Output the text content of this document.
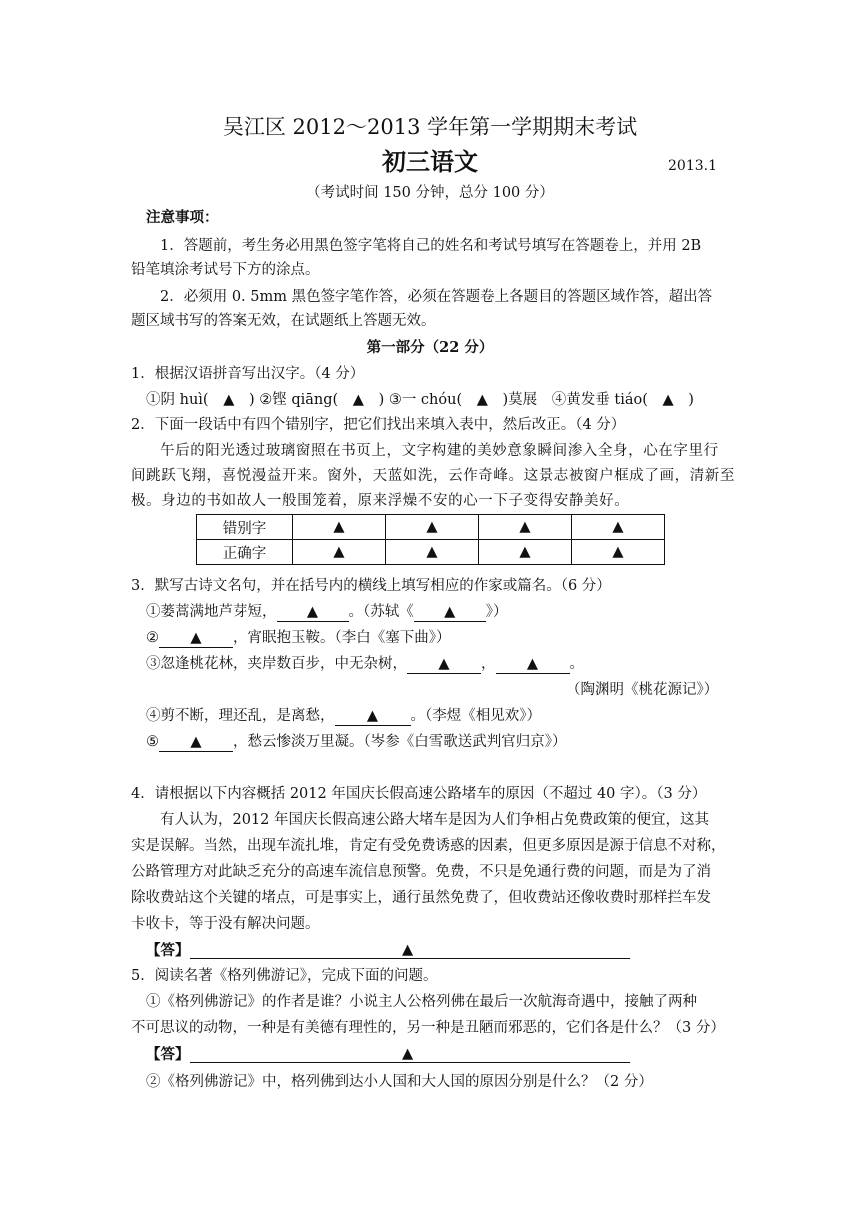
吴江区 2012～2013 学年第一学期期末考试
初三语文	2013.1
（考试时间 150 分钟，总分 100 分）
注意事项：
1．答题前，考生务必用黑色签字笔将自己的姓名和考试号填写在答题卷上，并用 2B
铅笔填涂考试号下方的涂点。
2．必须用 0. 5mm 黑色签字笔作答，必须在答题卷上各题目的答题区域作答，超出答
题区域书写的答案无效，在试题纸上答题无效。
第一部分（22 分）
1．根据汉语拼音写出汉字。（4 分）
①阴 huì( ▲ ) ②铿 qiāng( ▲ ) ③一 chóu( ▲ )莫展 ④黄发垂 tiáo( ▲ )
2．下面一段话中有四个错别字，把它们找出来填入表中，然后改正。（4 分）
午后的阳光透过玻璃窗照在书页上，文字构建的美妙意象瞬间渗入全身，心在字里行
间跳跃飞翔，喜悦漫益开来。窗外，天蓝如洗，云作奇峰。这景志被窗户框成了画，清新至
极。身边的书如故人一般围笼着，原来浮燥不安的心一下子变得安静美好。
错别字	▲	▲	▲	▲
正确字	▲	▲	▲	▲
3．默写古诗文名句，并在括号内的横线上填写相应的作家或篇名。（6 分）
①蒌蒿满地芦芽短， ▲ 。（苏轼《 ▲ 》）
② ▲ ，宵眠抱玉鞍。（李白《塞下曲》）
③忽逢桃花林，夹岸数百步，中无杂树， ▲ ， ▲ 。
（陶渊明《桃花源记》）
④剪不断，理还乱，是离愁， ▲ 。（李煜《相见欢》）
⑤ ▲ ，愁云惨淡万里凝。（岑参《白雪歌送武判官归京》）
4．请根据以下内容概括 2012 年国庆长假高速公路堵车的原因（不超过 40 字）。（3 分）
有人认为，2012 年国庆长假高速公路大堵车是因为人们争相占免费政策的便宜，这其
实是误解。当然，出现车流扎堆，肯定有受免费诱惑的因素，但更多原因是源于信息不对称，
公路管理方对此缺乏充分的高速车流信息预警。免费，不只是免通行费的问题，而是为了消
除收费站这个关键的堵点，可是事实上，通行虽然免费了，但收费站还像收费时那样拦车发
卡收卡，等于没有解决问题。
【答】	▲
5．阅读名著《格列佛游记》，完成下面的问题。
①《格列佛游记》的作者是谁？小说主人公格列佛在最后一次航海奇遇中，接触了两种
不可思议的动物，一种是有美德有理性的，另一种是丑陋而邪恶的，它们各是什么？（3 分）
【答】	▲
②《格列佛游记》中，格列佛到达小人国和大人国的原因分别是什么？（2 分）
